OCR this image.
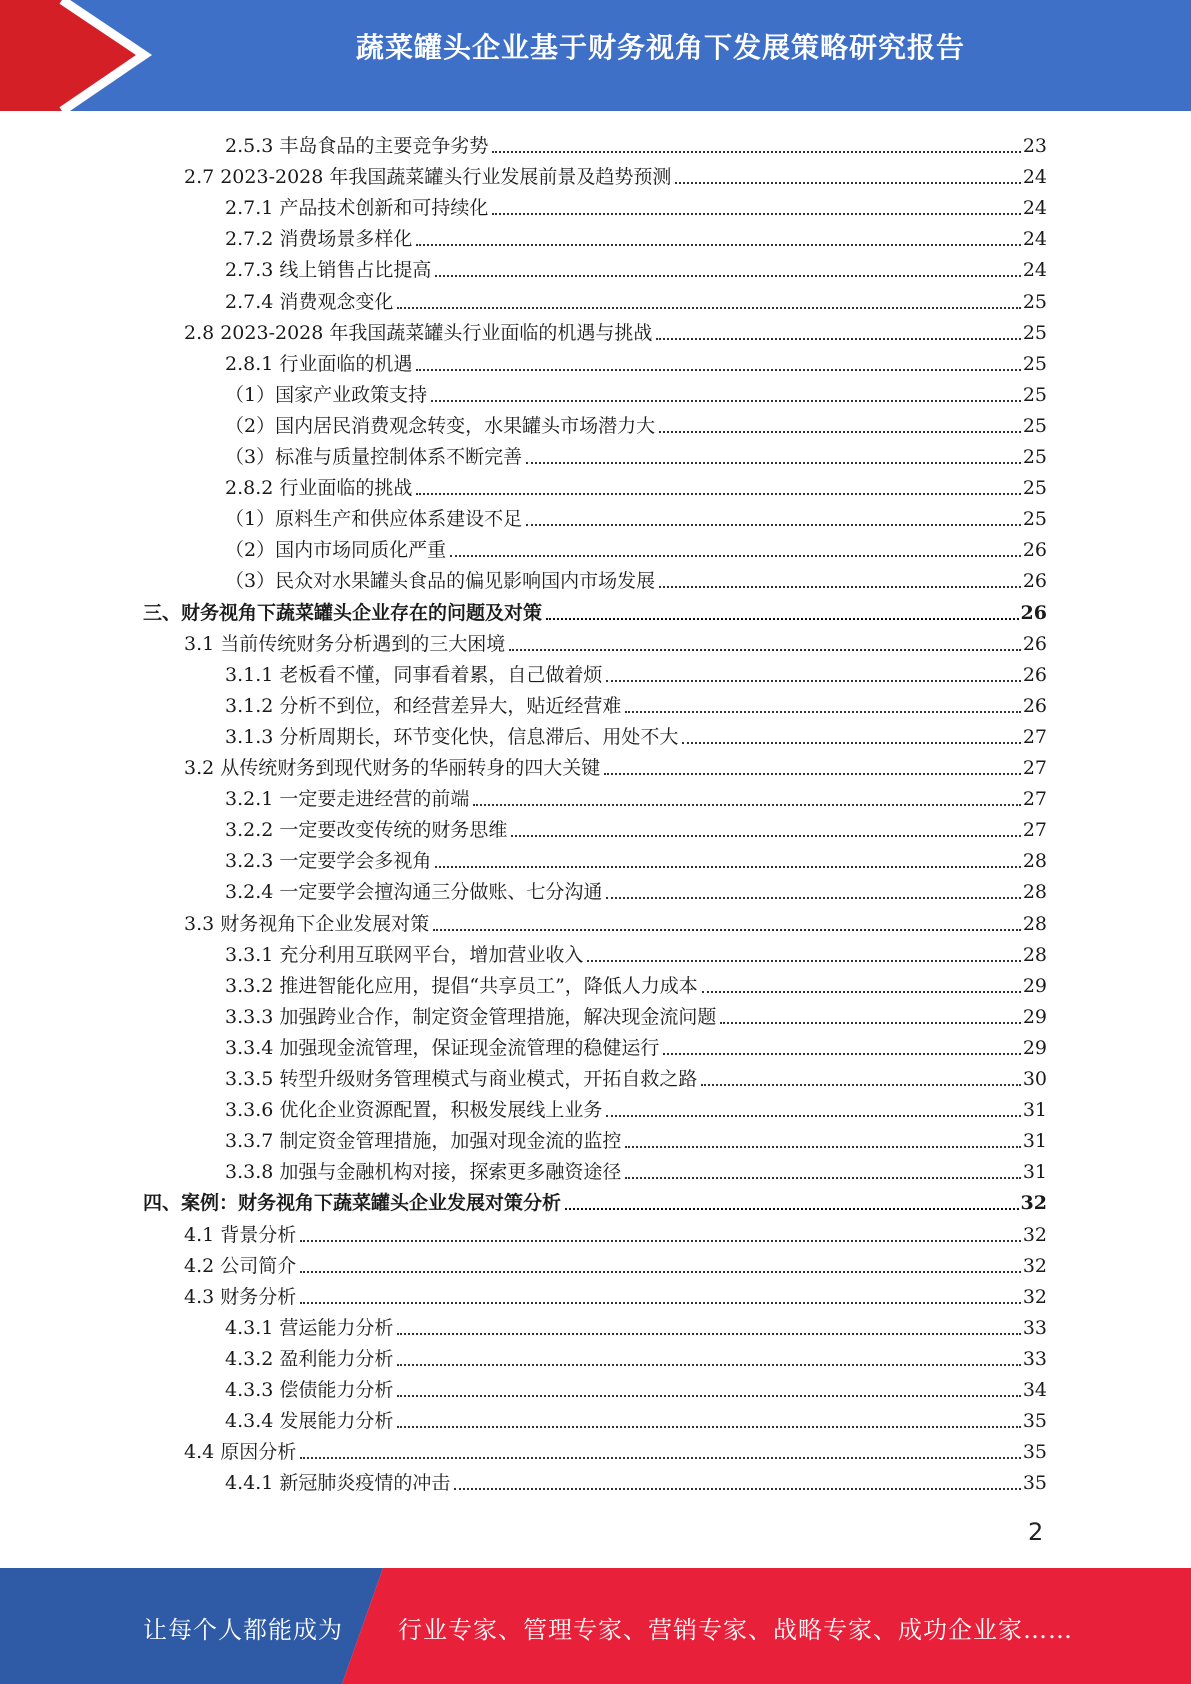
蔬菜罐头企业基于财务视角下发展策略研究报告
2.5.3 丰岛食品的主要竞争劣势	23
2.7 2023-2028 年我国蔬菜罐头行业发展前景及趋势预测	24
2.7.1 产品技术创新和可持续化	24
2.7.2 消费场景多样化	24
2.7.3 线上销售占比提高	24
2.7.4 消费观念变化	25
2.8 2023-2028 年我国蔬菜罐头行业面临的机遇与挑战	25
2.8.1 行业面临的机遇	25
（1）国家产业政策支持	25
（2）国内居民消费观念转变，水果罐头市场潜力大	25
（3）标准与质量控制体系不断完善	25
2.8.2 行业面临的挑战	25
（1）原料生产和供应体系建设不足	25
（2）国内市场同质化严重	26
（3）民众对水果罐头食品的偏见影响国内市场发展	26
三、财务视角下蔬菜罐头企业存在的问题及对策	26
3.1 当前传统财务分析遇到的三大困境	26
3.1.1 老板看不懂，同事看着累，自己做着烦	26
3.1.2 分析不到位，和经营差异大，贴近经营难	26
3.1.3 分析周期长，环节变化快，信息滞后、用处不大	27
3.2 从传统财务到现代财务的华丽转身的四大关键	27
3.2.1 一定要走进经营的前端	27
3.2.2 一定要改变传统的财务思维	27
3.2.3 一定要学会多视角	28
3.2.4 一定要学会擅沟通三分做账、七分沟通	28
3.3 财务视角下企业发展对策	28
3.3.1 充分利用互联网平台，增加营业收入	28
3.3.2 推进智能化应用，提倡“共享员工”，降低人力成本	29
3.3.3 加强跨业合作，制定资金管理措施，解决现金流问题	29
3.3.4 加强现金流管理，保证现金流管理的稳健运行	29
3.3.5 转型升级财务管理模式与商业模式，开拓自救之路	30
3.3.6 优化企业资源配置，积极发展线上业务	31
3.3.7 制定资金管理措施，加强对现金流的监控	31
3.3.8 加强与金融机构对接，探索更多融资途径	31
四、案例：财务视角下蔬菜罐头企业发展对策分析	32
4.1 背景分析	32
4.2 公司简介	32
4.3 财务分析	32
4.3.1 营运能力分析	33
4.3.2 盈利能力分析	33
4.3.3 偿债能力分析	34
4.3.4 发展能力分析	35
4.4 原因分析	35
4.4.1 新冠肺炎疫情的冲击	35
2
让每个人都能成为 行业专家、管理专家、营销专家、战略专家、成功企业家……
